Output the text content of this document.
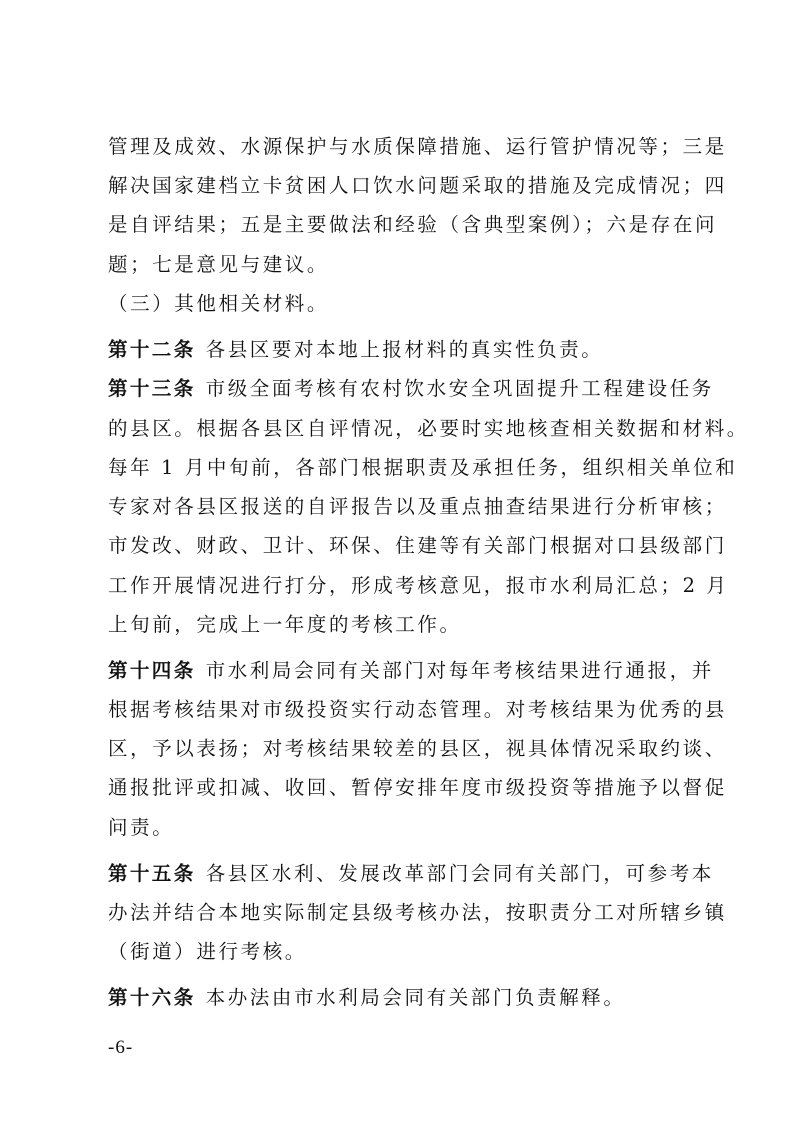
管理及成效、水源保护与水质保障措施、运行管护情况等；三是
解决国家建档立卡贫困人口饮水问题采取的措施及完成情况；四
是自评结果；五是主要做法和经验（含典型案例）；六是存在问
题；七是意见与建议。
（三）其他相关材料。
第十二条 各县区要对本地上报材料的真实性负责。
第十三条 市级全面考核有农村饮水安全巩固提升工程建设任务
的县区。根据各县区自评情况，必要时实地核查相关数据和材料。
每年 1 月中旬前，各部门根据职责及承担任务，组织相关单位和
专家对各县区报送的自评报告以及重点抽查结果进行分析审核；
市发改、财政、卫计、环保、住建等有关部门根据对口县级部门
工作开展情况进行打分，形成考核意见，报市水利局汇总；2 月
上旬前，完成上一年度的考核工作。
第十四条 市水利局会同有关部门对每年考核结果进行通报，并
根据考核结果对市级投资实行动态管理。对考核结果为优秀的县
区，予以表扬；对考核结果较差的县区，视具体情况采取约谈、
通报批评或扣减、收回、暂停安排年度市级投资等措施予以督促
问责。
第十五条 各县区水利、发展改革部门会同有关部门，可参考本
办法并结合本地实际制定县级考核办法，按职责分工对所辖乡镇
（街道）进行考核。
第十六条 本办法由市水利局会同有关部门负责解释。
-6-
